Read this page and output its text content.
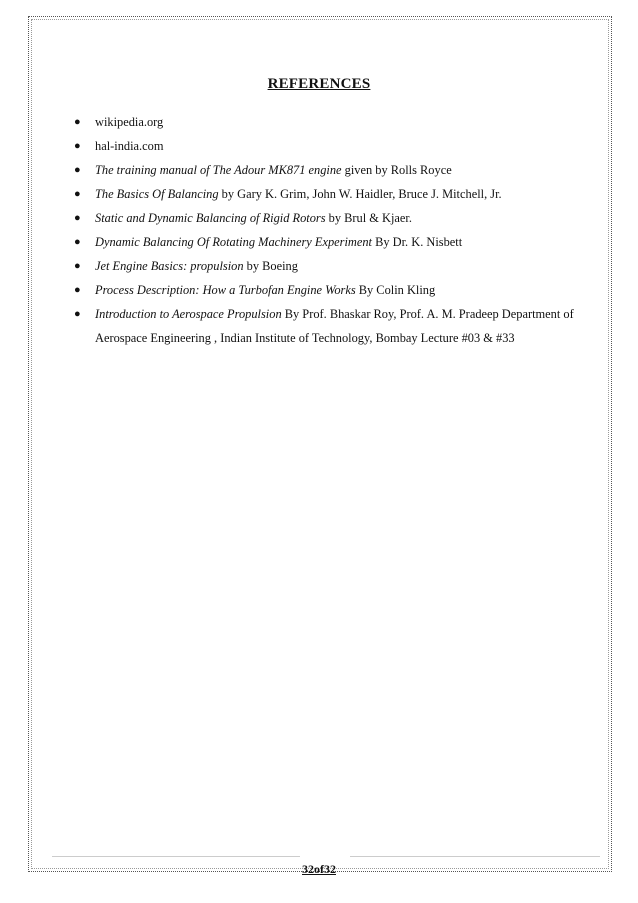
REFERENCES
● wikipedia.org
● hal-india.com
● The training manual of The Adour MK871 engine given by Rolls Royce
● The Basics Of Balancing by Gary K. Grim, John W. Haidler, Bruce J. Mitchell, Jr.
● Static and Dynamic Balancing of Rigid Rotors by Brul & Kjaer.
● Dynamic Balancing Of Rotating Machinery Experiment By Dr. K. Nisbett
● Jet Engine Basics: propulsion by Boeing
● Process Description: How a Turbofan Engine Works By Colin Kling
● Introduction to Aerospace Propulsion By Prof. Bhaskar Roy, Prof. A. M. Pradeep Department of Aerospace Engineering , Indian Institute of Technology, Bombay Lecture #03 & #33
32of32
